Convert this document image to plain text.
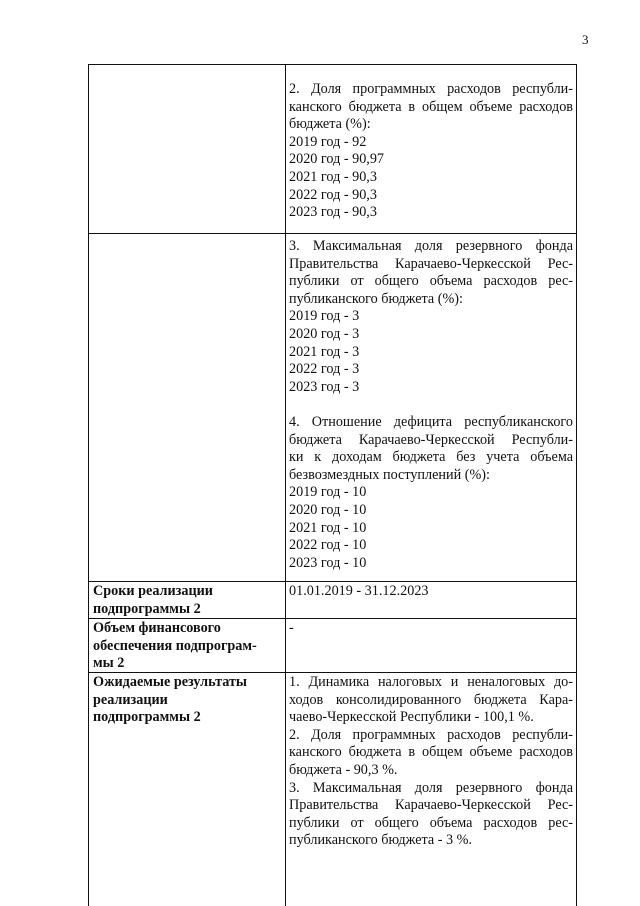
3
2. Доля программных расходов республи-
канского бюджета в общем объеме расходов
бюджета (%):
2019 год - 92
2020 год - 90,97
2021 год - 90,3
2022 год - 90,3
2023 год - 90,3
3. Максимальная доля резервного фонда
Правительства Карачаево-Черкесской Рес-
публики от общего объема расходов рес-
публиканского бюджета (%):
2019 год - 3
2020 год - 3
2021 год - 3
2022 год - 3
2023 год - 3
4. Отношение дефицита республиканского
бюджета Карачаево-Черкесской Республи-
ки к доходам бюджета без учета объема
безвозмездных поступлений (%):
2019 год - 10
2020 год - 10
2021 год - 10
2022 год - 10
2023 год - 10
Сроки реализации
подпрограммы 2
01.01.2019 - 31.12.2023
Объем финансового
обеспечения подпрограм-
мы 2
-
Ожидаемые результаты
реализации
подпрограммы 2
1. Динамика налоговых и неналоговых до-
ходов консолидированного бюджета Кара-
чаево-Черкесской Республики - 100,1 %.
2. Доля программных расходов республи-
канского бюджета в общем объеме расходов
бюджета - 90,3 %.
3. Максимальная доля резервного фонда
Правительства Карачаево-Черкесской Рес-
публики от общего объема расходов рес-
публиканского бюджета - 3 %.
